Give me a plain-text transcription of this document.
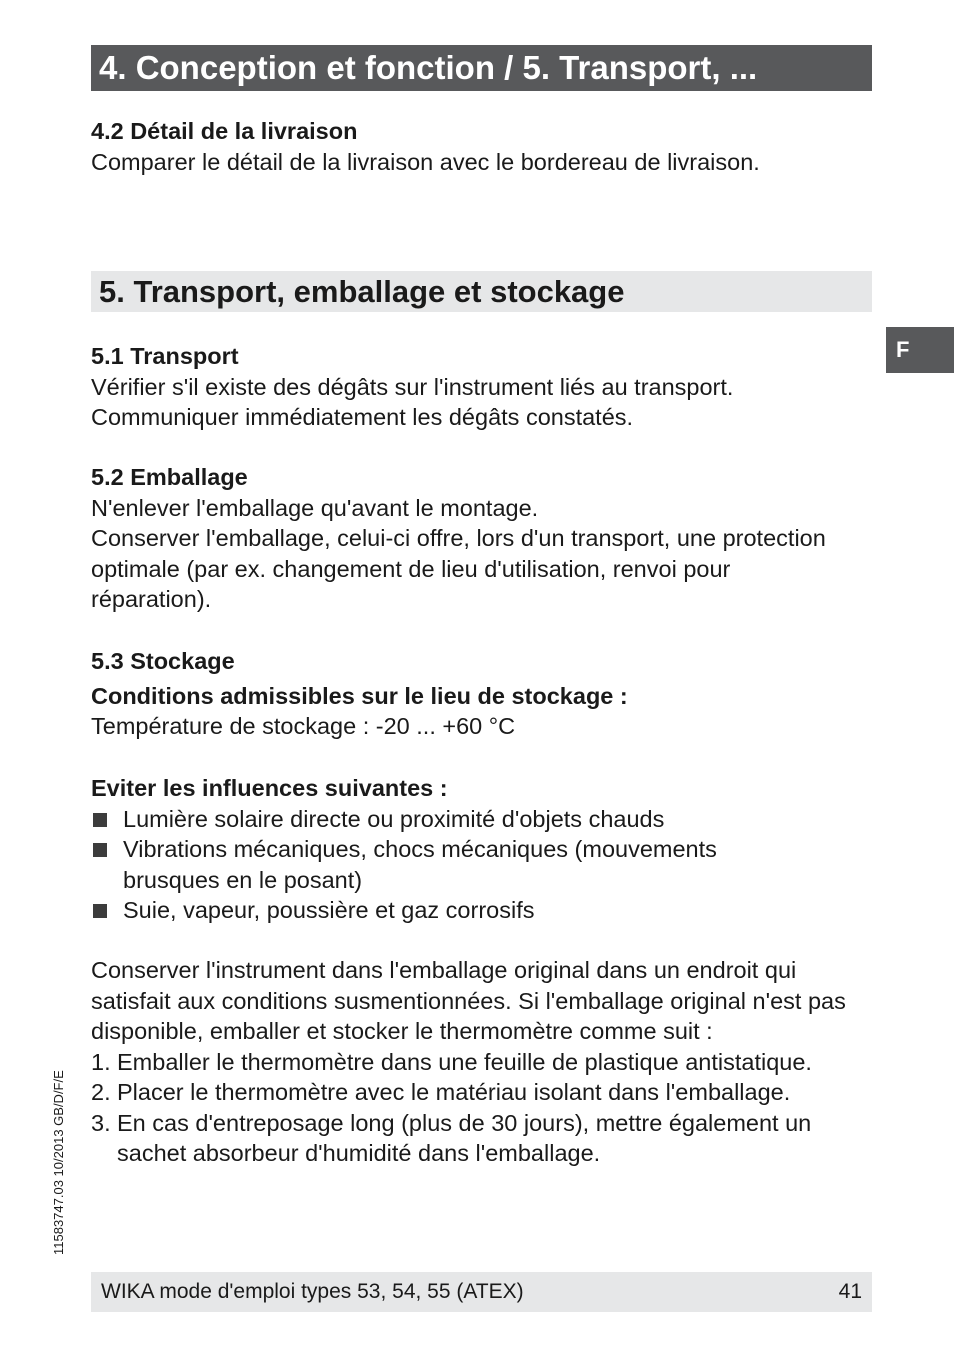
4. Conception et fonction / 5. Transport, ...
F

4.2 Détail de la livraison

Comparer le détail de la livraison avec le bordereau de livraison.

5. Transport, emballage et stockage

5.1 Transport

Vérifier s'il existe des dégâts sur l'instrument liés au transport.

Communiquer immédiatement les dégâts constatés.

5.2 Emballage

N'enlever l'emballage qu'avant le montage.

Conserver l'emballage, celui-ci offre, lors d'un transport, une protection optimale (par ex. changement de lieu d'utilisation, renvoi pour réparation).

5.3 Stockage

Conditions admissibles sur le lieu de stockage :

Température de stockage : -20 ... +60 °C

Eviter les influences suivantes :

Lumière solaire directe ou proximité d'objets chauds
Vibrations mécaniques, chocs mécaniques (mouvements brusques en le posant)
Suie, vapeur, poussière et gaz corrosifs

Conserver l'instrument dans l'emballage original dans un endroit qui satisfait aux conditions susmentionnées. Si l'emballage original n'est pas disponible, emballer et stocker le thermomètre comme suit :

1. Emballer le thermomètre dans une feuille de plastique antistatique.
2. Placer le thermomètre avec le matériau isolant dans l'emballage.
3. En cas d'entreposage long (plus de 30 jours), mettre également un sachet absorbeur d'humidité dans l'emballage.
11583747.03 10/2013 GB/D/F/E
WIKA mode d'emploi types 53, 54, 55 (ATEX)	41
